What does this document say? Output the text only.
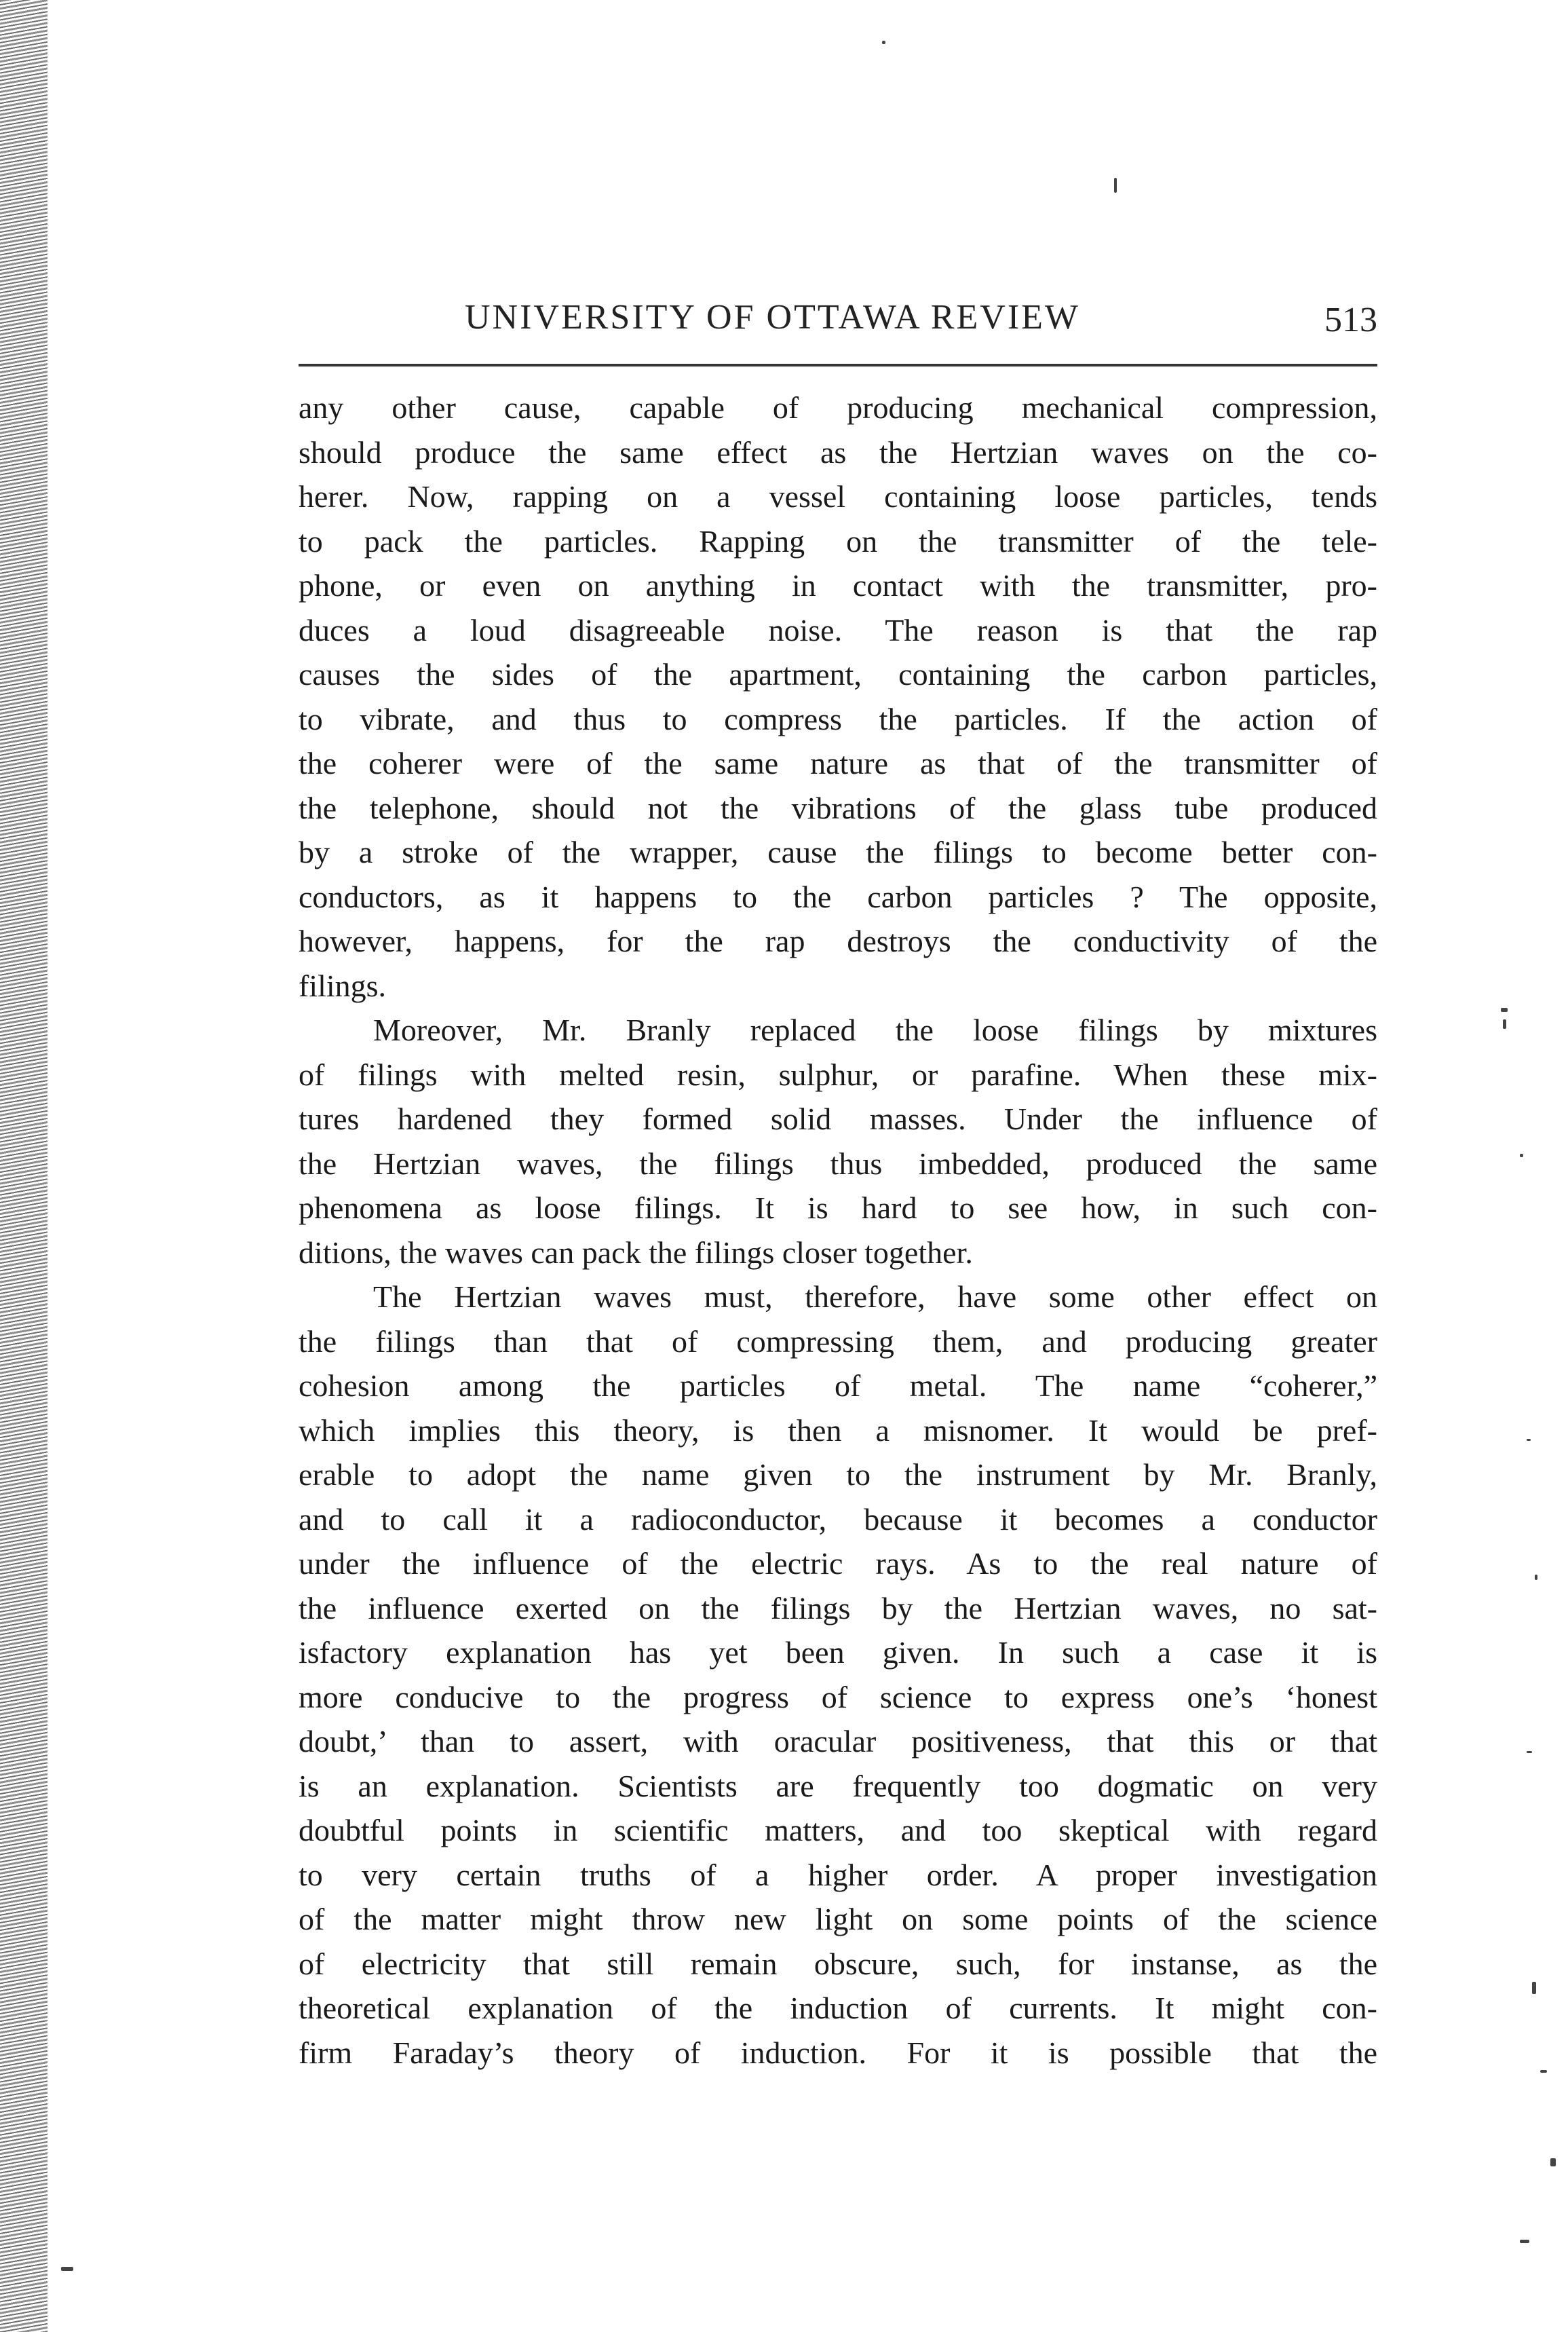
UNIVERSITY OF OTTAWA REVIEW	513
any other cause, capable of producing mechanical compression,
should produce the same effect as the Hertzian waves on the co-
herer. Now, rapping on a vessel containing loose particles, tends
to pack the particles. Rapping on the transmitter of the tele-
phone, or even on anything in contact with the transmitter, pro-
duces a loud disagreeable noise. The reason is that the rap
causes the sides of the apartment, containing the carbon particles,
to vibrate, and thus to compress the particles. If the action of
the coherer were of the same nature as that of the transmitter of
the telephone, should not the vibrations of the glass tube produced
by a stroke of the wrapper, cause the filings to become better con-
conductors, as it happens to the carbon particles ? The opposite,
however, happens, for the rap destroys the conductivity of the
filings.
Moreover, Mr. Branly replaced the loose filings by mixtures
of filings with melted resin, sulphur, or parafine. When these mix-
tures hardened they formed solid masses. Under the influence of
the Hertzian waves, the filings thus imbedded, produced the same
phenomena as loose filings. It is hard to see how, in such con-
ditions, the waves can pack the filings closer together.
The Hertzian waves must, therefore, have some other effect on
the filings than that of compressing them, and producing greater
cohesion among the particles of metal. The name “coherer,”
which implies this theory, is then a misnomer. It would be pref-
erable to adopt the name given to the instrument by Mr. Branly,
and to call it a radioconductor, because it becomes a conductor
under the influence of the electric rays. As to the real nature of
the influence exerted on the filings by the Hertzian waves, no sat-
isfactory explanation has yet been given. In such a case it is
more conducive to the progress of science to express one’s ‘honest
doubt,’ than to assert, with oracular positiveness, that this or that
is an explanation. Scientists are frequently too dogmatic on very
doubtful points in scientific matters, and too skeptical with regard
to very certain truths of a higher order. A proper investigation
of the matter might throw new light on some points of the science
of electricity that still remain obscure, such, for instanse, as the
theoretical explanation of the induction of currents. It might con-
firm Faraday’s theory of induction. For it is possible that the
